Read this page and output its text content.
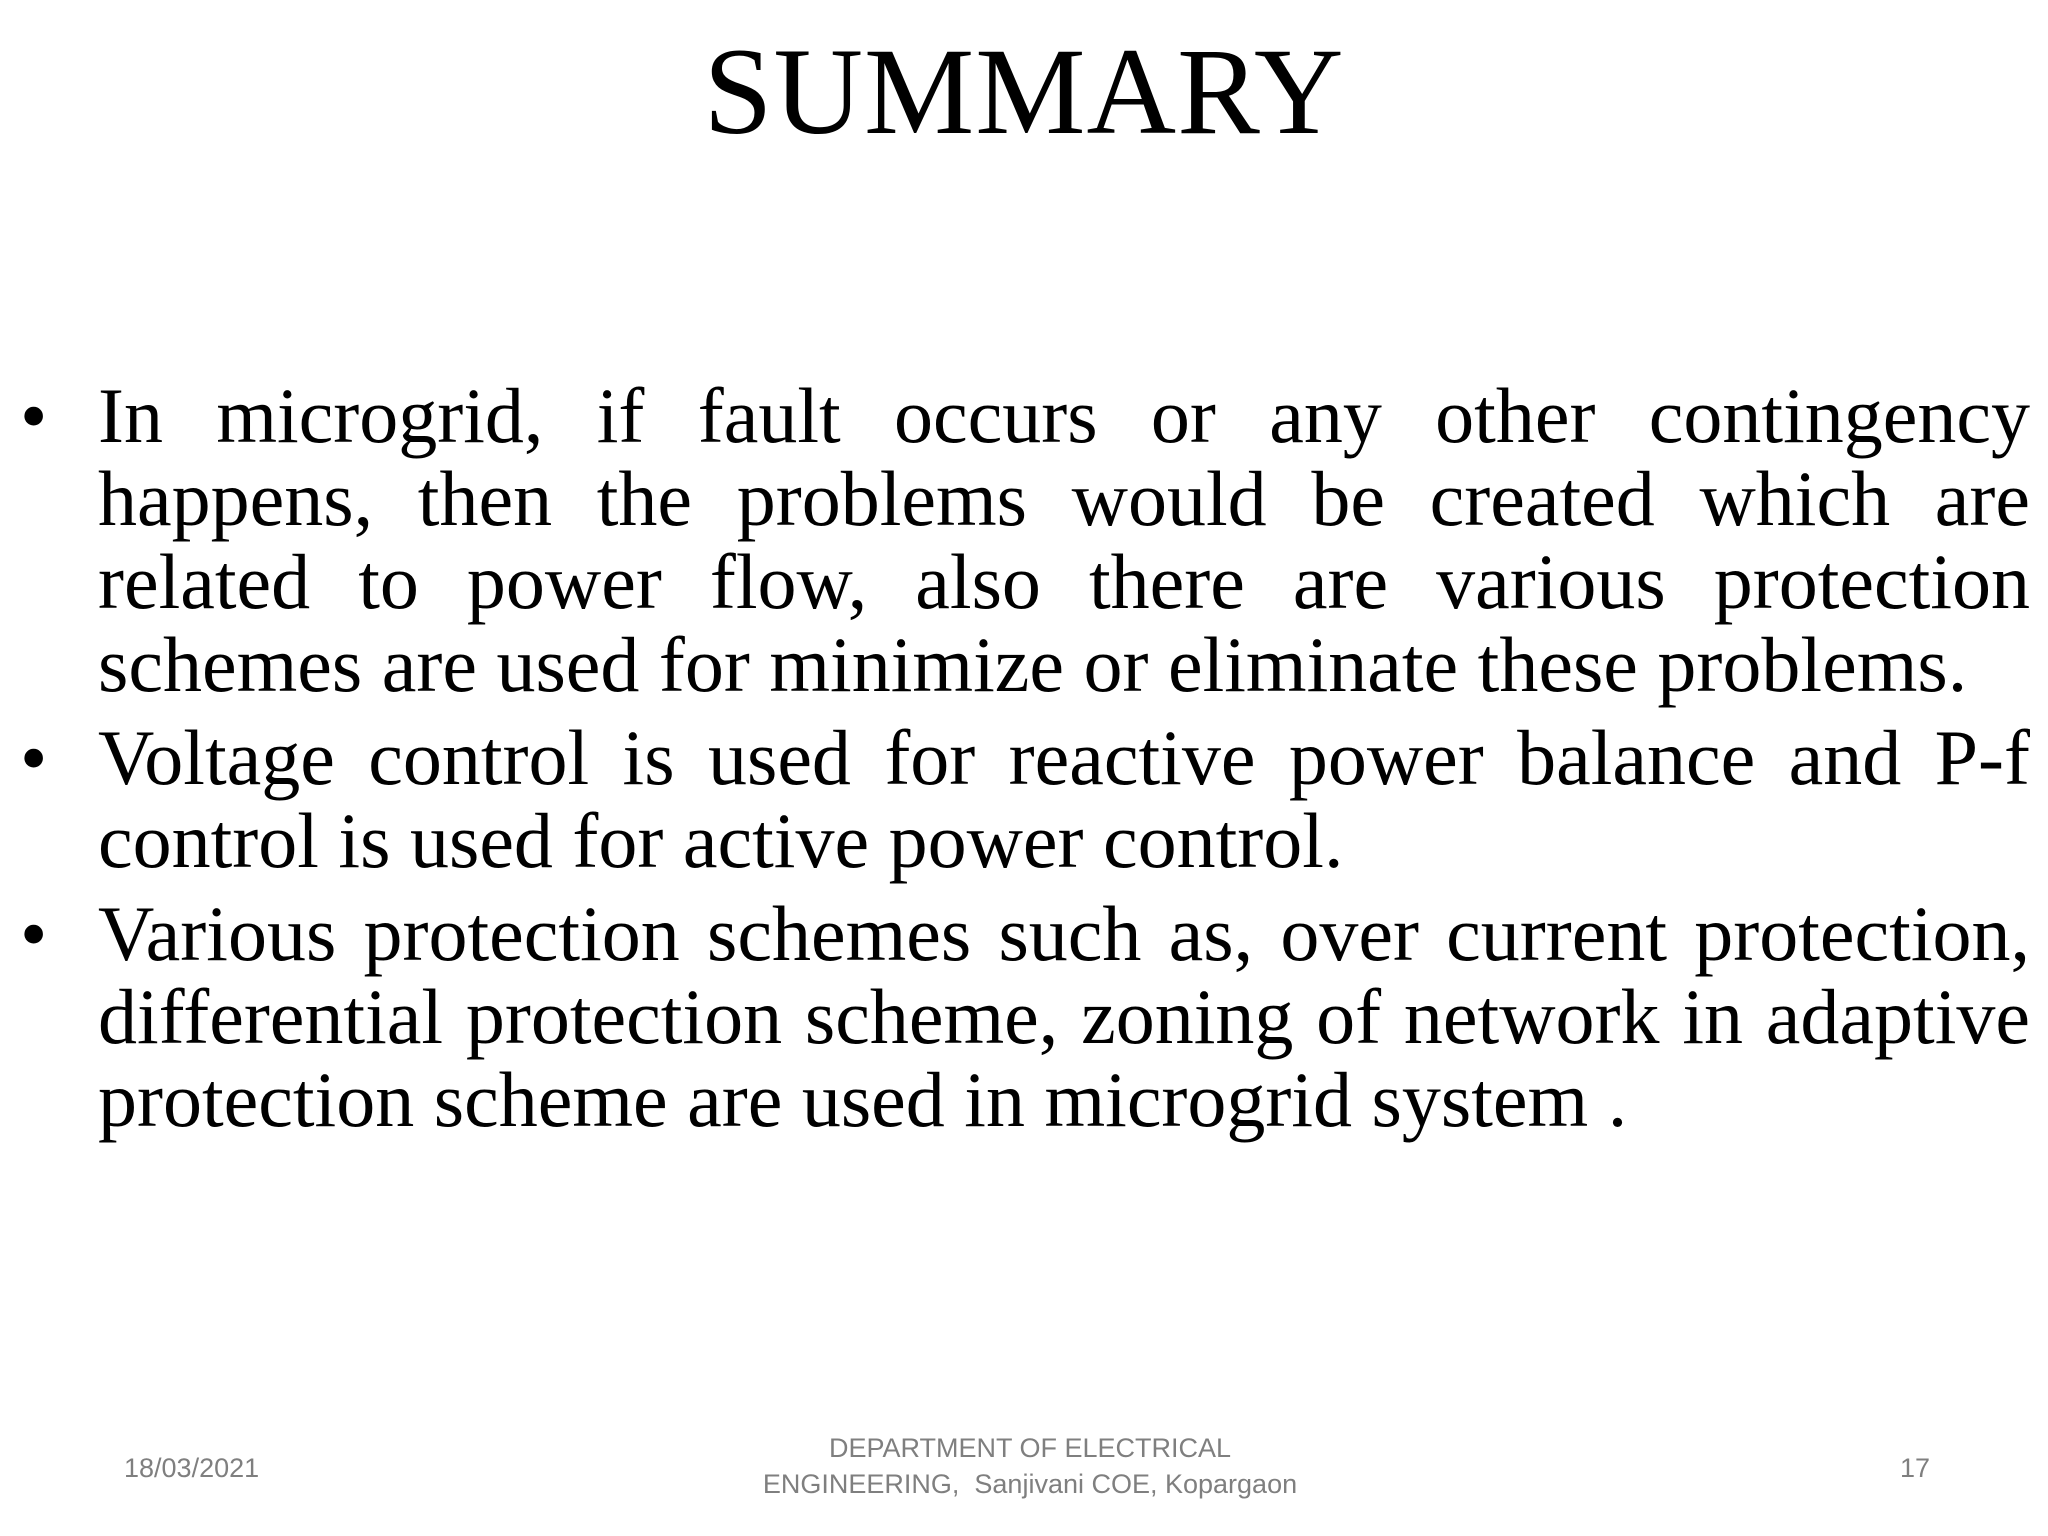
SUMMARY
• In microgrid, if fault occurs or any other contingency happens, then the problems would be created which are related to power flow, also there are various protection schemes are used for minimize or eliminate these problems.
• Voltage control is used for reactive power balance and P-f control is used for active power control.
• Various protection schemes such as, over current protection, differential protection scheme, zoning of network in adaptive protection scheme are used in microgrid system .
18/03/2021
DEPARTMENT OF ELECTRICAL
ENGINEERING,  Sanjivani COE, Kopargaon
17
